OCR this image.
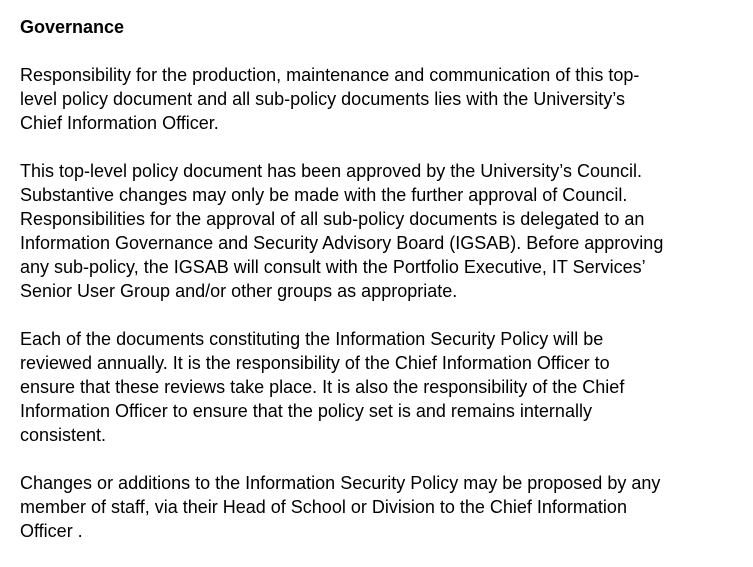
Governance
Responsibility for the production, maintenance and communication of this top-
level policy document and all sub-policy documents lies with the University’s
Chief Information Officer.
This top-level policy document has been approved by the University’s Council.
Substantive changes may only be made with the further approval of Council.
Responsibilities for the approval of all sub-policy documents is delegated to an
Information Governance and Security Advisory Board (IGSAB). Before approving
any sub-policy, the IGSAB will consult with the Portfolio Executive, IT Services’
Senior User Group and/or other groups as appropriate.
Each of the documents constituting the Information Security Policy will be
reviewed annually. It is the responsibility of the Chief Information Officer to
ensure that these reviews take place. It is also the responsibility of the Chief
Information Officer to ensure that the policy set is and remains internally
consistent.
Changes or additions to the Information Security Policy may be proposed by any
member of staff, via their Head of School or Division to the Chief Information
Officer .
